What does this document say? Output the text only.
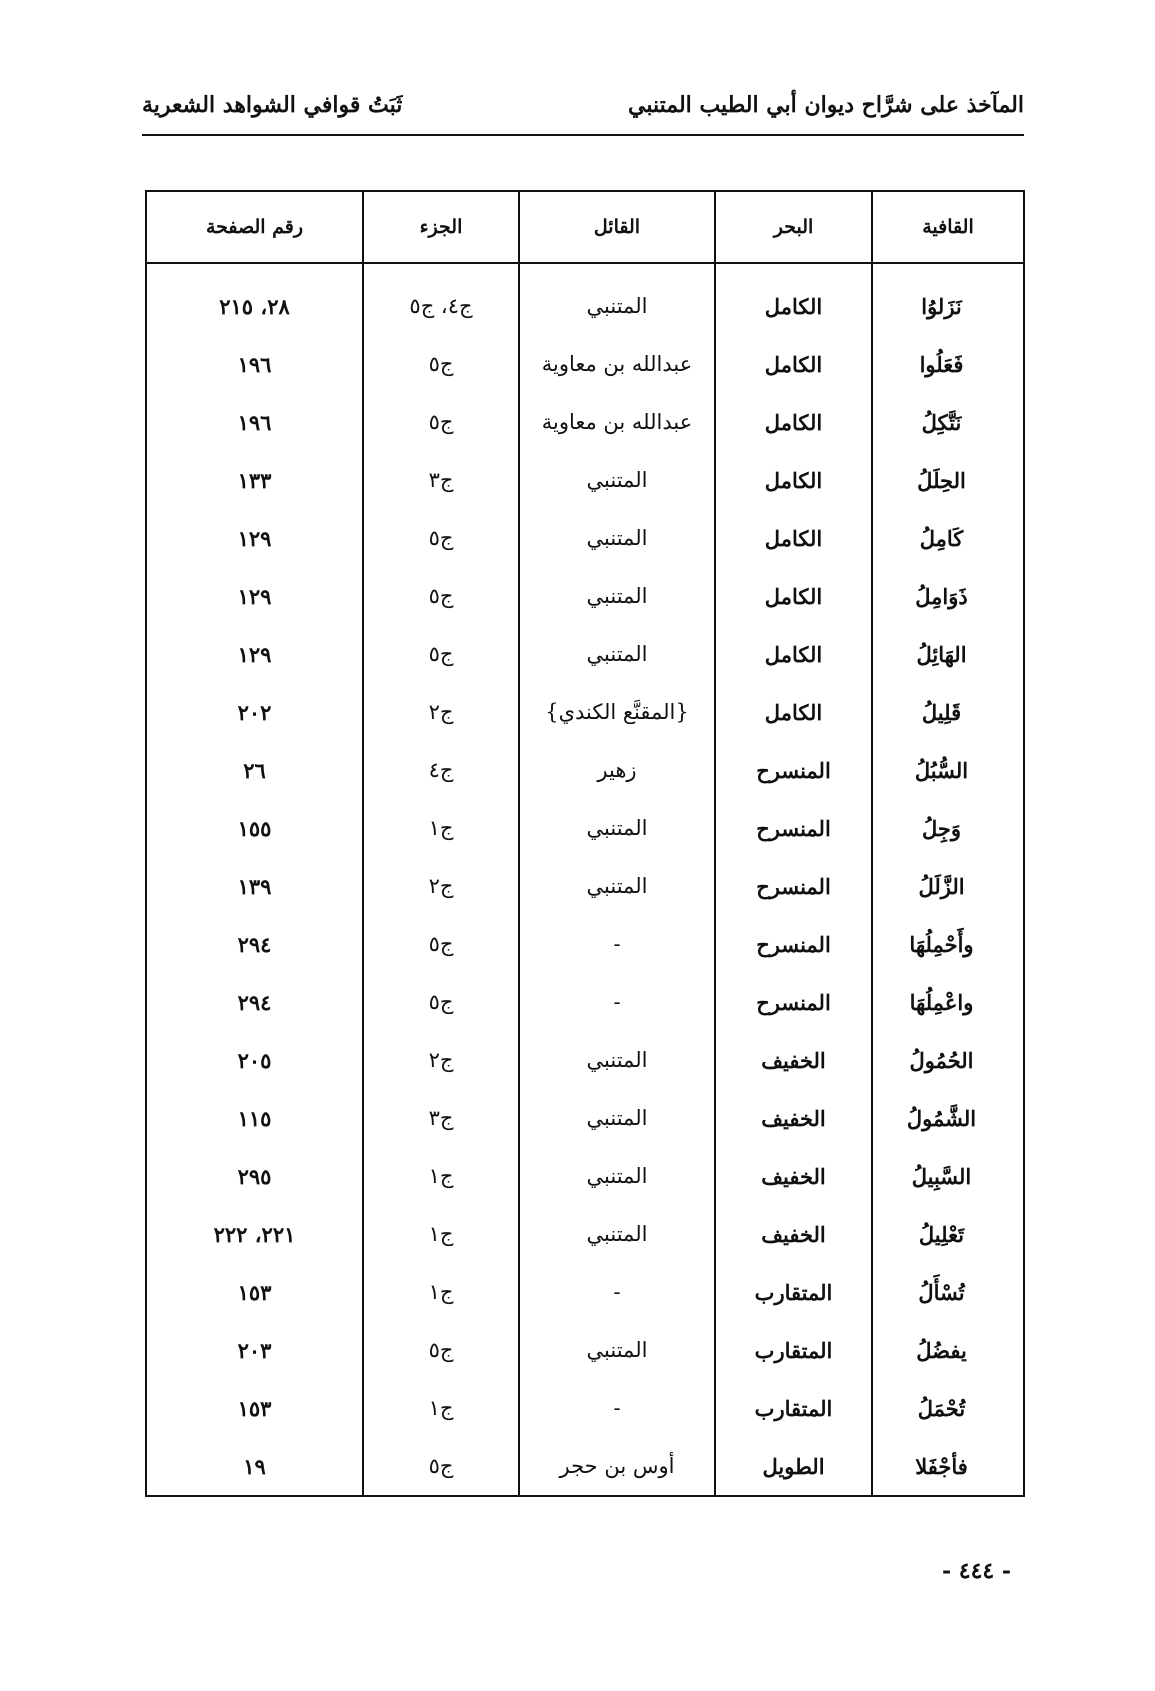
المآخذ على شرَّاح ديوان أبي الطيب المتنبي
ثَبَتُ قوافي الشواهد الشعرية
القافية	البحر	القائل	الجزء	رقم الصفحة
نَزَلوُا	الكامل	المتنبي	ج٤، ج٥	٢٨، ٢١٥
فَعَلُوا	الكامل	عبدالله بن معاوية	ج٥	١٩٦
نَتَّكِلُ	الكامل	عبدالله بن معاوية	ج٥	١٩٦
الحِلَلُ	الكامل	المتنبي	ج٣	١٣٣
كَامِلُ	الكامل	المتنبي	ج٥	١٢٩
ذَوَامِلُ	الكامل	المتنبي	ج٥	١٢٩
الهَائِلُ	الكامل	المتنبي	ج٥	١٢٩
قَلِيلُ	الكامل	{المقنَّع الكندي}	ج٢	٢٠٢
السُّبُلُ	المنسرح	زهير	ج٤	٢٦
وَجِلُ	المنسرح	المتنبي	ج١	١٥٥
الزَّلَلُ	المنسرح	المتنبي	ج٢	١٣٩
وأَحْمِلُهَا	المنسرح	-	ج٥	٢٩٤
واعْمِلُهَا	المنسرح	-	ج٥	٢٩٤
الحُمُولُ	الخفيف	المتنبي	ج٢	٢٠٥
الشَّمُولُ	الخفيف	المتنبي	ج٣	١١٥
السَّبِيلُ	الخفيف	المتنبي	ج١	٢٩٥
تَعْلِيلُ	الخفيف	المتنبي	ج١	٢٢١، ٢٢٢
تُسْأَلُ	المتقارب	-	ج١	١٥٣
يفضُلُ	المتقارب	المتنبي	ج٥	٢٠٣
تُحْمَلُ	المتقارب	-	ج١	١٥٣
فأجْفَلا	الطويل	أوس بن حجر	ج٥	١٩

- ٤٤٤ -
